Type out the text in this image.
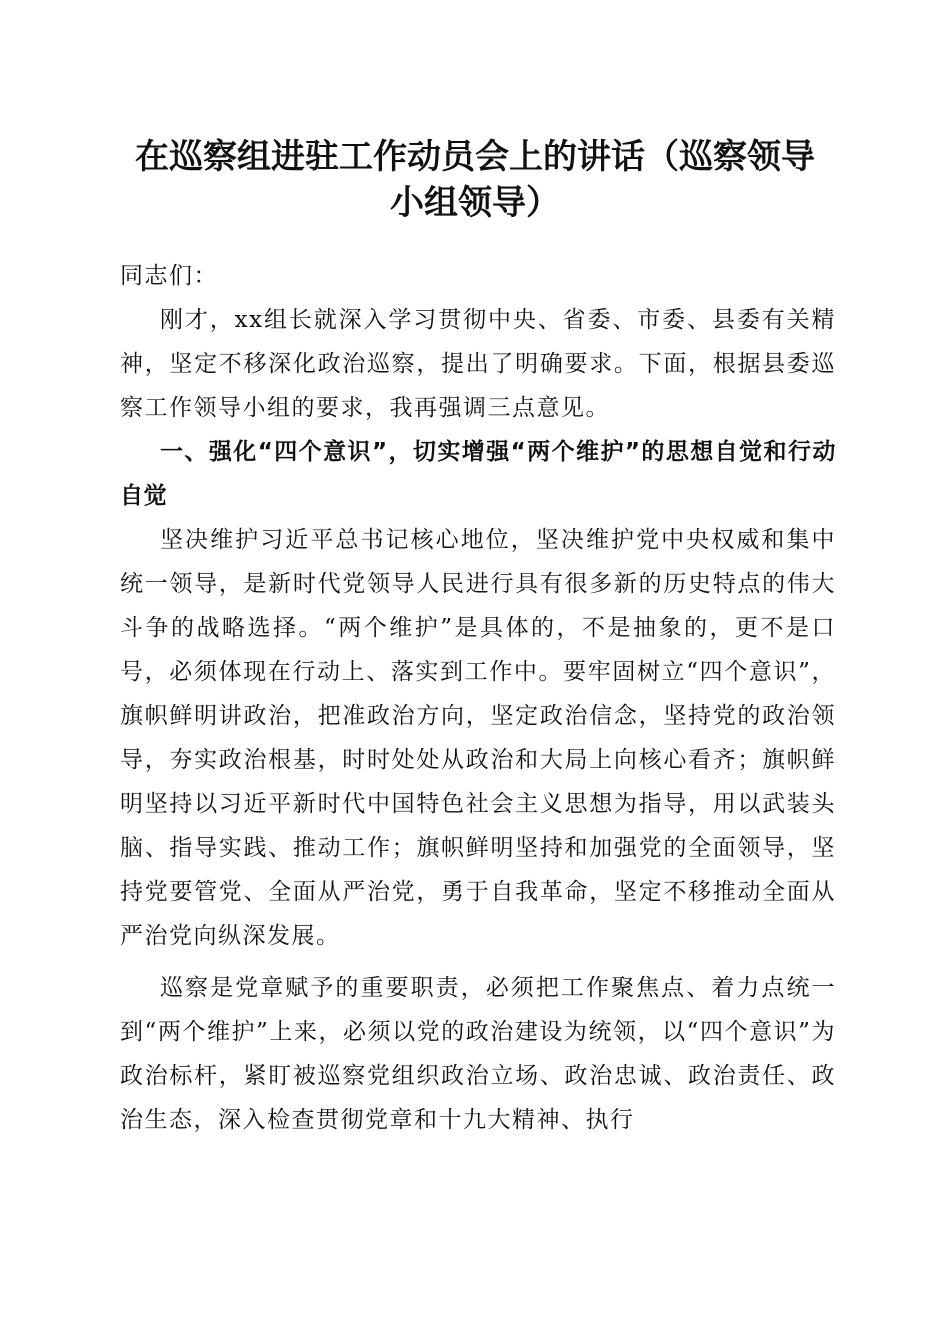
在巡察组进驻工作动员会上的讲话（巡察领导
小组领导）

同志们：

刚才，xx组长就深入学习贯彻中央、省委、市委、县委有关精神，坚定不移深化政治巡察，提出了明确要求。下面，根据县委巡察工作领导小组的要求，我再强调三点意见。

一、强化“四个意识”，切实增强“两个维护”的思想自觉和行动自觉

坚决维护习近平总书记核心地位，坚决维护党中央权威和集中统一领导，是新时代党领导人民进行具有很多新的历史特点的伟大斗争的战略选择。“两个维护”是具体的，不是抽象的，更不是口号，必须体现在行动上、落实到工作中。要牢固树立“四个意识”，旗帜鲜明讲政治，把准政治方向，坚定政治信念，坚持党的政治领导，夯实政治根基，时时处处从政治和大局上向核心看齐；旗帜鲜明坚持以习近平新时代中国特色社会主义思想为指导，用以武装头脑、指导实践、推动工作；旗帜鲜明坚持和加强党的全面领导，坚持党要管党、全面从严治党，勇于自我革命，坚定不移推动全面从严治党向纵深发展。

巡察是党章赋予的重要职责，必须把工作聚焦点、着力点统一到“两个维护”上来，必须以党的政治建设为统领，以“四个意识”为政治标杆，紧盯被巡察党组织政治立场、政治忠诚、政治责任、政治生态，深入检查贯彻党章和十九大精神、执行
